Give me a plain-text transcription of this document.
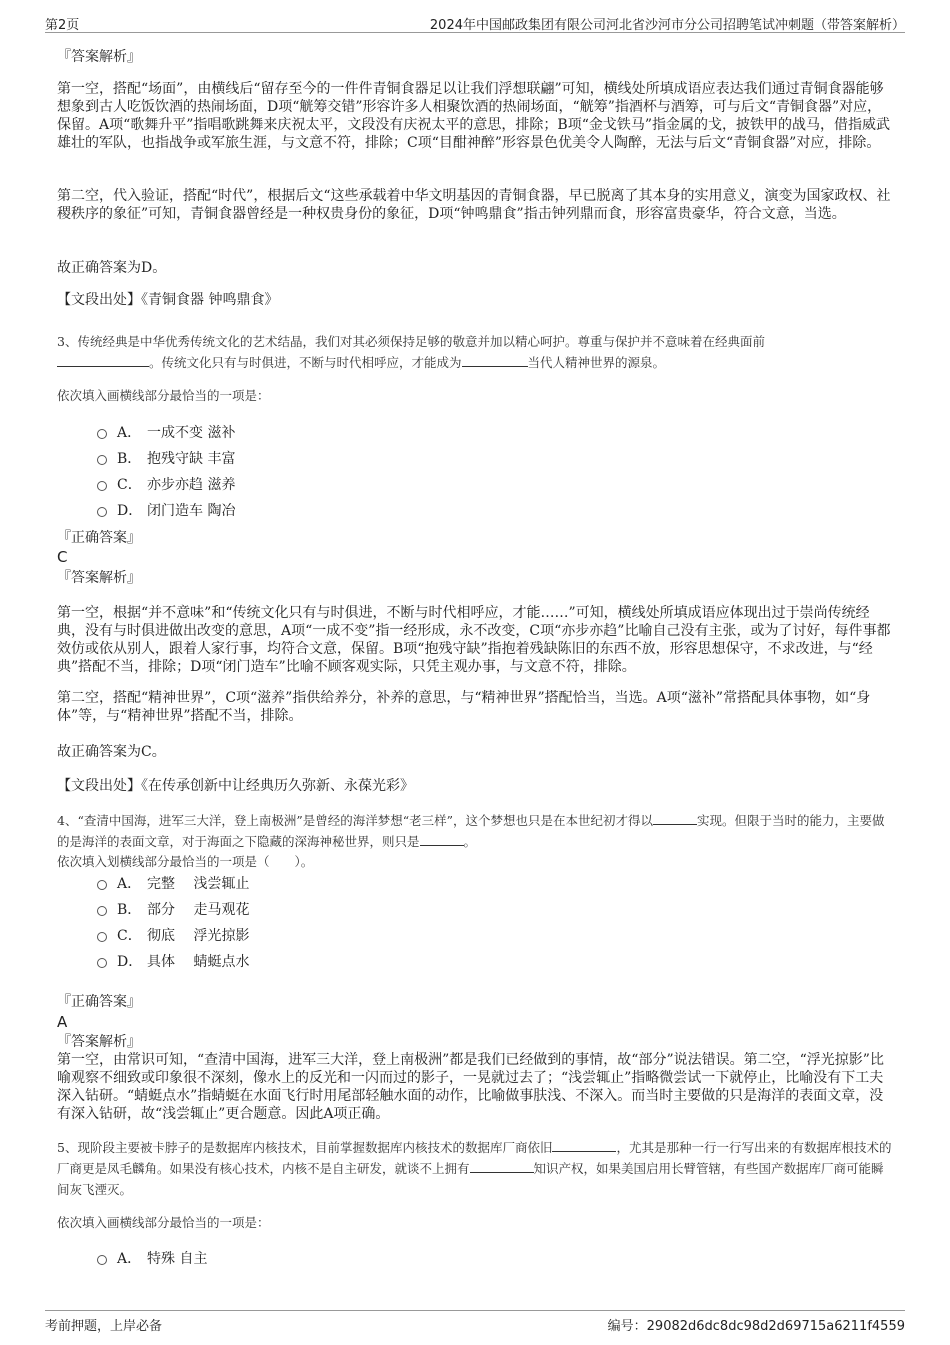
第2页	2024年中国邮政集团有限公司河北省沙河市分公司招聘笔试冲刺题（带答案解析）
『答案解析』

第一空，搭配“场面”，由横线后“留存至今的一件件青铜食器足以让我们浮想联翩”可知，横线处所填成语应表达我们通过青铜食器能够想象到古人吃饭饮酒的热闹场面，D项“觥筹交错”形容许多人相聚饮酒的热闹场面，“觥筹”指酒杯与酒筹，可与后文“青铜食器”对应，保留。A项“歌舞升平”指唱歌跳舞来庆祝太平，文段没有庆祝太平的意思，排除；B项“金戈铁马”指金属的戈，披铁甲的战马，借指威武雄壮的军队，也指战争或军旅生涯，与文意不符，排除；C项“目酣神醉”形容景色优美令人陶醉，无法与后文“青铜食器”对应，排除。

第二空，代入验证，搭配“时代”，根据后文“这些承载着中华文明基因的青铜食器，早已脱离了其本身的实用意义，演变为国家政权、社稷秩序的象征”可知，青铜食器曾经是一种权贵身份的象征，D项“钟鸣鼎食”指击钟列鼎而食，形容富贵豪华，符合文意，当选。

故正确答案为D。

【文段出处】《青铜食器 钟鸣鼎食》
3、传统经典是中华优秀传统文化的艺术结晶，我们对其必须保持足够的敬意并加以精心呵护。尊重与保护并不意味着在经典面前
。传统文化只有与时俱进，不断与时代相呼应，才能成为	当代人精神世界的源泉。
依次填入画横线部分最恰当的一项是：
A． 一成不变 滋补
B． 抱残守缺 丰富
C． 亦步亦趋 滋养
D． 闭门造车 陶冶
『正确答案』
C
『答案解析』

第一空，根据“并不意味”和“传统文化只有与时俱进，不断与时代相呼应，才能……”可知，横线处所填成语应体现出过于崇尚传统经典，没有与时俱进做出改变的意思，A项“一成不变”指一经形成，永不改变，C项“亦步亦趋”比喻自己没有主张，或为了讨好，每件事都效仿或依从别人，跟着人家行事，均符合文意，保留。B项“抱残守缺”指抱着残缺陈旧的东西不放，形容思想保守，不求改进，与“经典”搭配不当，排除；D项“闭门造车”比喻不顾客观实际，只凭主观办事，与文意不符，排除。

第二空，搭配“精神世界”，C项“滋养”指供给养分，补养的意思，与“精神世界”搭配恰当，当选。A项“滋补”常搭配具体事物，如“身体”等，与“精神世界”搭配不当，排除。

故正确答案为C。

【文段出处】《在传承创新中让经典历久弥新、永葆光彩》
4、“查清中国海，进军三大洋，登上南极洲”是曾经的海洋梦想“老三样”，这个梦想也只是在本世纪初才得以	实现。但限于当时的能力，主要做的是海洋的表面文章，对于海面之下隐藏的深海神秘世界，则只是	。
依次填入划横线部分最恰当的一项是（　　）。
A． 完整　 浅尝辄止
B． 部分　 走马观花
C． 彻底　 浮光掠影
D． 具体　 蜻蜓点水
『正确答案』
A
『答案解析』

第一空，由常识可知，“查清中国海，进军三大洋，登上南极洲”都是我们已经做到的事情，故“部分”说法错误。第二空，“浮光掠影”比喻观察不细致或印象很不深刻，像水上的反光和一闪而过的影子，一晃就过去了；“浅尝辄止”指略微尝试一下就停止，比喻没有下工夫深入钻研。“蜻蜓点水”指蜻蜓在水面飞行时用尾部轻触水面的动作，比喻做事肤浅、不深入。而当时主要做的只是海洋的表面文章，没有深入钻研，故“浅尝辄止”更合题意。因此A项正确。

5、现阶段主要被卡脖子的是数据库内核技术，目前掌握数据库内核技术的数据库厂商依旧	，尤其是那种一行一行写出来的有数据库根技术的厂商更是凤毛麟角。如果没有核心技术，内核不是自主研发，就谈不上拥有	知识产权，如果美国启用长臂管辖，有些国产数据库厂商可能瞬间灰飞湮灭。
依次填入画横线部分最恰当的一项是：
A． 特殊 自主
考前押题，上岸必备	编号：29082d6dc8dc98d2d69715a6211f4559
